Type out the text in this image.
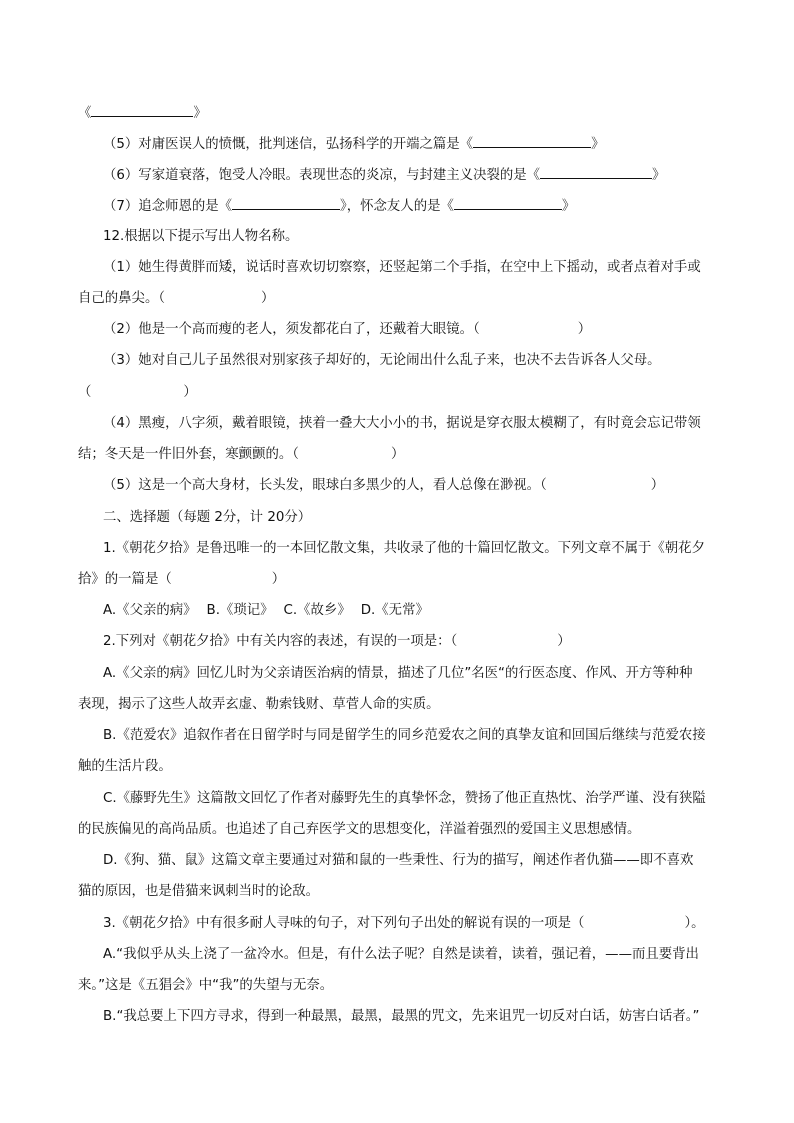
《	》
（5）对庸医误人的愤慨，批判迷信，弘扬科学的开端之篇是《	》
（6）写家道衰落，饱受人冷眼。表现世态的炎凉，与封建主义决裂的是《	》
（7）追念师恩的是《	》，怀念友人的是《	》
12.根据以下提示写出人物名称。
（1）她生得黄胖而矮，说话时喜欢切切察察，还竖起第二个手指，在空中上下摇动，或者点着对手或
自己的鼻尖。（	）
（2）他是一个高而瘦的老人，须发都花白了，还戴着大眼镜。（	）
（3）她对自己儿子虽然很对别家孩子却好的，无论闹出什么乱子来，也决不去告诉各人父母。
（	）
（4）黑瘦，八字须，戴着眼镜，挟着一叠大大小小的书，据说是穿衣服太模糊了，有时竟会忘记带领
结；冬天是一件旧外套，寒颤颤的。（	）
（5）这是一个高大身材，长头发，眼球白多黑少的人，看人总像在渺视。（	）
二、选择题（每题 2分，计 20分）
1.《朝花夕拾》是鲁迅唯一的一本回忆散文集，共收录了他的十篇回忆散文。下列文章不属于《朝花夕
拾》的一篇是（	）
A.《父亲的病》 B.《琐记》 C.《故乡》 D.《无常》
2.下列对《朝花夕拾》中有关内容的表述，有误的一项是：（	）
A.《父亲的病》回忆儿时为父亲请医治病的情景，描述了几位”名医“的行医态度、作风、开方等种种
表现，揭示了这些人故弄玄虚、勒索钱财、草菅人命的实质。
B.《范爱农》追叙作者在日留学时与同是留学生的同乡范爱农之间的真挚友谊和回国后继续与范爱农接
触的生活片段。
C.《藤野先生》这篇散文回忆了作者对藤野先生的真挚怀念，赞扬了他正直热忱、治学严谨、没有狭隘
的民族偏见的高尚品质。也追述了自己弃医学文的思想变化，洋溢着强烈的爱国主义思想感情。
D.《狗、猫、鼠》这篇文章主要通过对猫和鼠的一些秉性、行为的描写，阐述作者仇猫——即不喜欢
猫的原因，也是借猫来讽刺当时的论敌。
3.《朝花夕拾》中有很多耐人寻味的句子，对下列句子出处的解说有误的一项是（	）。
A.“我似乎从头上浇了一盆冷水。但是，有什么法子呢？自然是读着，读着，强记着，——而且要背出
来。”这是《五猖会》中“我”的失望与无奈。
B.“我总要上下四方寻求，得到一种最黑，最黑，最黑的咒文，先来诅咒一切反对白话，妨害白话者。”
